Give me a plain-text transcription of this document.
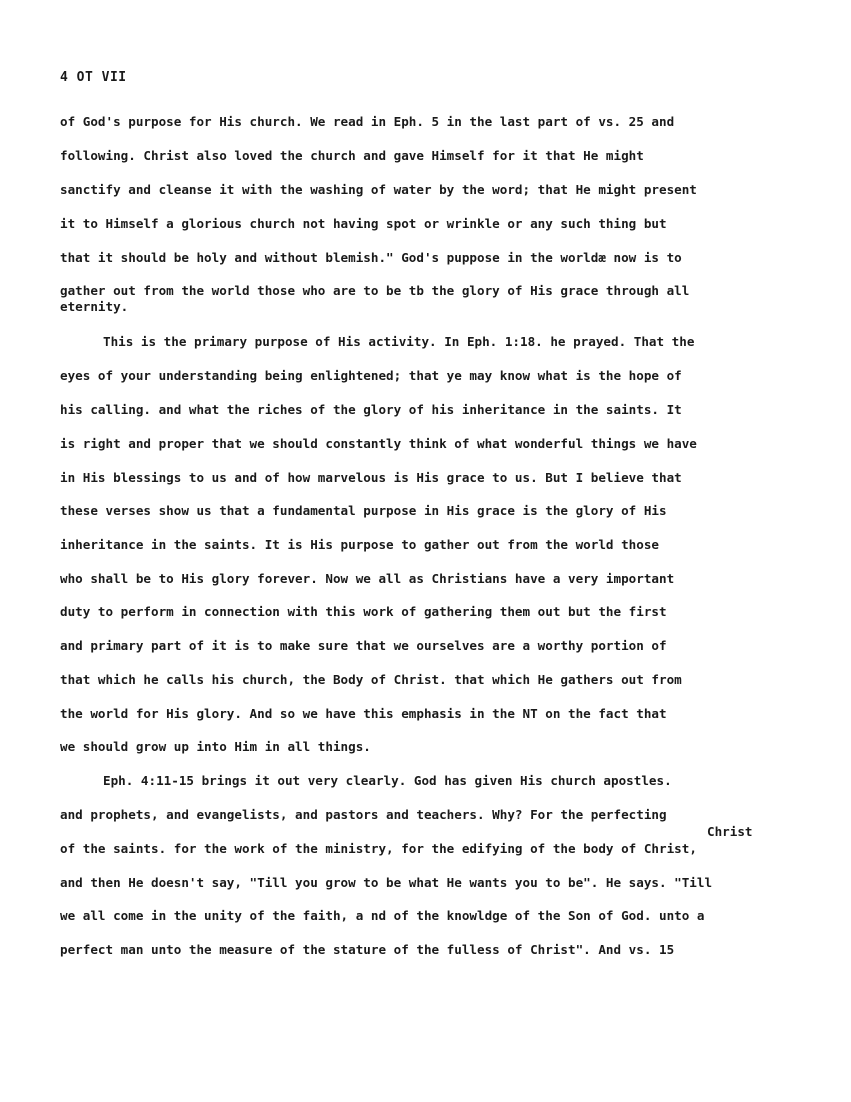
4 OT VII
of God's purpose for His church. We read in Eph. 5 in the last part of vs. 25 and
following. Christ also loved the church and gave Himself for it that He might
sanctify and cleanse it with the washing of water by the word; that He might present
it to Himself a glorious church not having spot or wrinkle or any such thing but
that it should be holy and without blemish." God's puppose in the worldæ now is to
gather out from the world those who are to be tb the glory of His grace through all
eternity.
This is the primary purpose of His activity. In Eph. 1:18. he prayed. That the
eyes of your understanding being enlightened; that ye may know what is the hope of
his calling. and what the riches of the glory of his inheritance in the saints. It
is right and proper that we should constantly think of what wonderful things we have
in His blessings to us and of how marvelous is His grace to us. But I believe that
these verses show us that a fundamental purpose in His grace is the glory of His
inheritance in the saints. It is His purpose to gather out from the world those
who shall be to His glory forever. Now we all as Christians have a very important
duty to perform in connection with this work of gathering them out but the first
and primary part of it is to make sure that we ourselves are a worthy portion of
that which he calls his church, the Body of Christ. that which He gathers out from
the world for His glory. And so we have this emphasis in the NT on the fact that
we should grow up into Him in all things.
Eph. 4:11-15 brings it out very clearly. God has given His church apostles.
and prophets, and evangelists, and pastors and teachers. Why? For the perfecting
Christ
of the saints. for the work of the ministry, for the edifying of the body of Christ,
and then He doesn't say, "Till you grow to be what He wants you to be". He says. "Till
we all come in the unity of the faith, a nd of the knowldge of the Son of God. unto a
perfect man unto the measure of the stature of the fulless of Christ". And vs. 15
